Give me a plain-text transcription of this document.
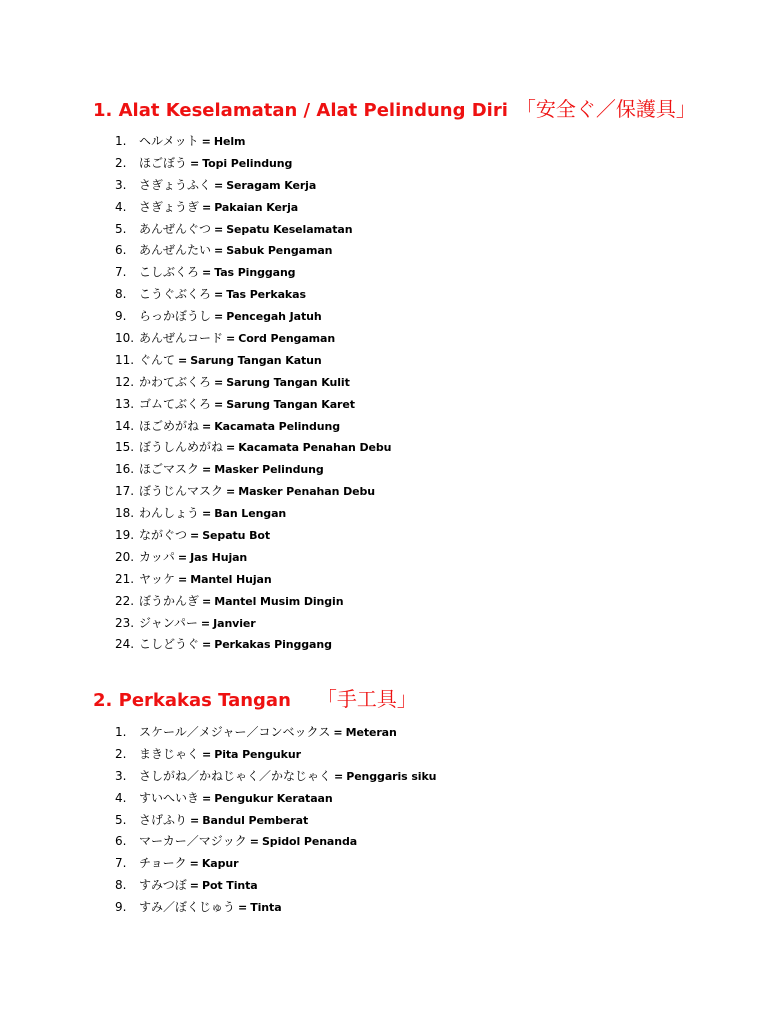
1. Alat Keselamatan / Alat Pelindung Diri 「安全ぐ／保護具」
1. ヘルメット = Helm
2. ほごぼう = Topi Pelindung
3. さぎょうふく = Seragam Kerja
4. さぎょうぎ = Pakaian Kerja
5. あんぜんぐつ = Sepatu Keselamatan
6. あんぜんたい = Sabuk Pengaman
7. こしぶくろ = Tas Pinggang
8. こうぐぶくろ = Tas Perkakas
9. らっかぼうし = Pencegah Jatuh
10. あんぜんコード = Cord Pengaman
11. ぐんて = Sarung Tangan Katun
12. かわてぶくろ = Sarung Tangan Kulit
13. ゴムてぶくろ = Sarung Tangan Karet
14. ほごめがね = Kacamata Pelindung
15. ぼうしんめがね = Kacamata Penahan Debu
16. ほごマスク = Masker Pelindung
17. ぼうじんマスク = Masker Penahan Debu
18. わんしょう = Ban Lengan
19. ながぐつ = Sepatu Bot
20. カッパ = Jas Hujan
21. ヤッケ = Mantel Hujan
22. ぼうかんぎ = Mantel Musim Dingin
23. ジャンパー = Janvier
24. こしどうぐ = Perkakas Pinggang
2. Perkakas Tangan 「手工具」
1. スケール／メジャー／コンベックス = Meteran
2. まきじゃく = Pita Pengukur
3. さしがね／かねじゃく／かなじゃく = Penggaris siku
4. すいへいき = Pengukur Kerataan
5. さげふり = Bandul Pemberat
6. マーカー／マジック = Spidol Penanda
7. チョーク = Kapur
8. すみつぼ = Pot Tinta
9. すみ／ぼくじゅう = Tinta
